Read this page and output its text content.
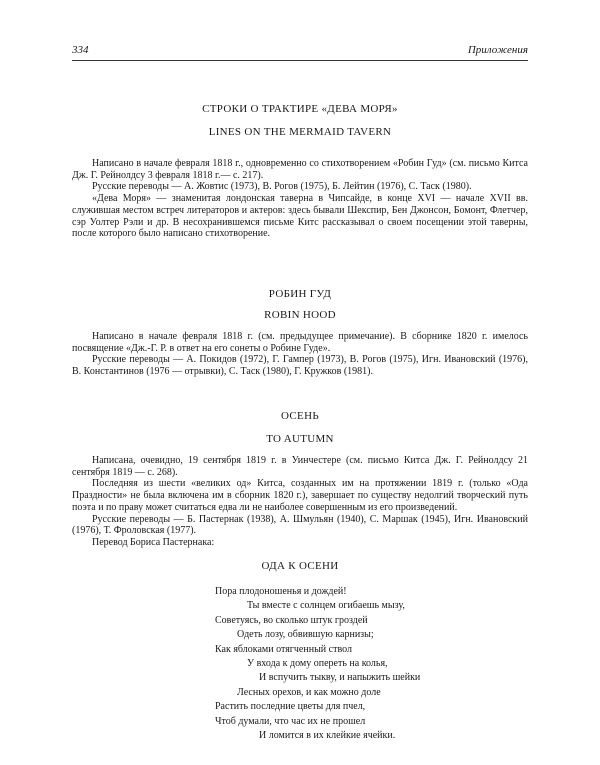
334	Приложения
СТРОКИ О ТРАКТИРЕ «ДЕВА МОРЯ»
LINES ON THE MERMAID TAVERN

Написано в начале февраля 1818 г., одновременно со стихотворением «Робин Гуд» (см. письмо Китса Дж. Г. Рейнолдсу 3 февраля 1818 г.— с. 217).

Русские переводы — А. Жовтис (1973), В. Рогов (1975), Б. Лейтин (1976), С. Таск (1980).

«Дева Моря» — знаменитая лондонская таверна в Чипсайде, в конце XVI — начале XVII вв. служившая местом встреч литераторов и актеров: здесь бывали Шекспир, Бен Джонсон, Бомонт, Флетчер, сэр Уолтер Рэли и др. В несохранившемся письме Китс рассказывал о своем посещении этой таверны, после которого было написано стихотворение.

РОБИН ГУД
ROBIN HOOD

Написано в начале февраля 1818 г. (см. предыдущее примечание). В сборнике 1820 г. имелось посвящение «Дж.-Г. Р. в ответ на его сонеты о Робине Гуде».

Русские переводы — А. Покидов (1972), Г. Гампер (1973), В. Рогов (1975), Игн. Ивановский (1976), В. Константинов (1976 — отрывки), С. Таск (1980), Г. Кружков (1981).

ОСЕНЬ
TO AUTUMN

Написана, очевидно, 19 сентября 1819 г. в Уинчестере (см. письмо Китса Дж. Г. Рейнолдсу 21 сентября 1819 — с. 268).

Последняя из шести «великих од» Китса, созданных им на протяжении 1819 г. (только «Ода Праздности» не была включена им в сборник 1820 г.), завершает по существу недолгий творческий путь поэта и по праву может считаться едва ли не наиболее совершенным из его произведений.

Русские переводы — Б. Пастернак (1938), А. Шмульян (1940), С. Маршак (1945), Игн. Ивановский (1976), Т. Фроловская (1977).

Перевод Бориса Пастернака:

ОДА К ОСЕНИ
Пора плодоношенья и дождей!
Ты вместе с солнцем огибаешь мызу,
Советуясь, во сколько штук гроздей
Одеть лозу, обвившую карнизы;
Как яблоками отягченный ствол
У входа к дому опереть на колья,
И вспучить тыкву, и напыжить шейки
Лесных орехов, и как можно доле
Растить последние цветы для пчел,
Чтоб думали, что час их не прошел
И ломится в их клейкие ячейки.
